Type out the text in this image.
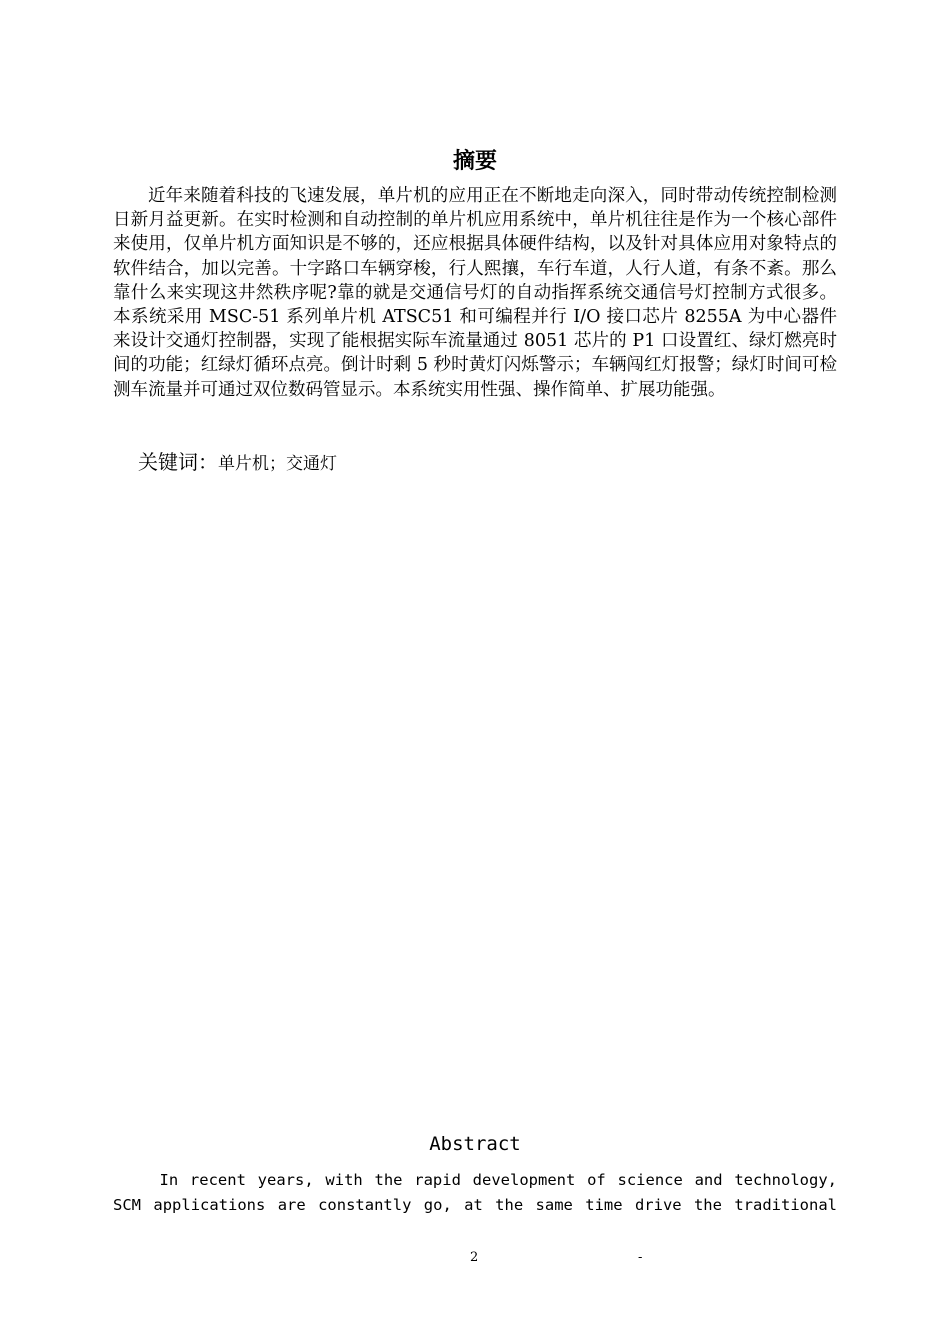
摘要

近年来随着科技的飞速发展，单片机的应用正在不断地走向深入，同时带动传统控制检测日新月益更新。在实时检测和自动控制的单片机应用系统中，单片机往往是作为一个核心部件来使用，仅单片机方面知识是不够的，还应根据具体硬件结构，以及针对具体应用对象特点的软件结合，加以完善。十字路口车辆穿梭，行人熙攘，车行车道，人行人道，有条不紊。那么靠什么来实现这井然秩序呢?靠的就是交通信号灯的自动指挥系统交通信号灯控制方式很多。本系统采用 MSC-51 系列单片机 ATSC51 和可编程并行 I/O 接口芯片 8255A 为中心器件来设计交通灯控制器，实现了能根据实际车流量通过 8051 芯片的 P1 口设置红、绿灯燃亮时间的功能；红绿灯循环点亮。倒计时剩 5 秒时黄灯闪烁警示；车辆闯红灯报警；绿灯时间可检测车流量并可通过双位数码管显示。本系统实用性强、操作简单、扩展功能强。

关键词：单片机；交通灯
Abstract

In recent years, with the rapid development of science and technology, SCM applications are constantly go, at the same time drive the traditional

2	-
